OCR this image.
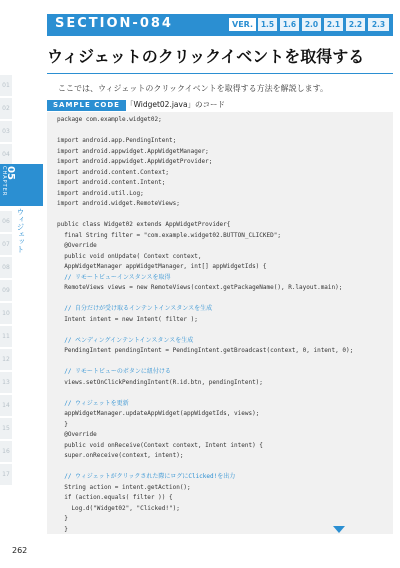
SECTION-084	VER.	1.5	1.6	2.0	2.1	2.2	2.3
ウィジェットのクリックイベントを取得する
ここでは、ウィジェットのクリックイベントを取得する方法を解説します。
SAMPLE CODE 「Widget02.java」のコード
package com.example.widget02;
import android.app.PendingIntent;
import android.appwidget.AppWidgetManager;
import android.appwidget.AppWidgetProvider;
import android.content.Context;
import android.content.Intent;
import android.util.Log;
import android.widget.RemoteViews;
public class Widget02 extends AppWidgetProvider{
final String filter = "com.example.widget02.BUTTON_CLICKED";
@Override
public void onUpdate( Context context,
AppWidgetManager appWidgetManager, int[] appWidgetIds) {
// リモートビューインスタンスを取得
RemoteViews views = new RemoteViews(context.getPackageName(), R.layout.main);
// 自分だけが受け取るインテントインスタンスを生成
Intent intent = new Intent( filter );
// ペンディングインテントインスタンスを生成
PendingIntent pendingIntent = PendingIntent.getBroadcast(context, 0, intent, 0);
// リモートビューのボタンに紐付ける
views.setOnClickPendingIntent(R.id.btn, pendingIntent);
// ウィジェットを更新
appWidgetManager.updateAppWidget(appWidgetIds, views);
}
@Override
public void onReceive(Context context, Intent intent) {
super.onReceive(context, intent);
// ウィジェットがクリックされた際にログにClicked!を出力
String action = intent.getAction();
if (action.equals( filter )) {
Log.d("Widget02", "Clicked!");
}
}
01
02
03
04
06
07
08
09
10
11
12
13
14
15
16
17
CHAPTER
05
ウィジェット
262
